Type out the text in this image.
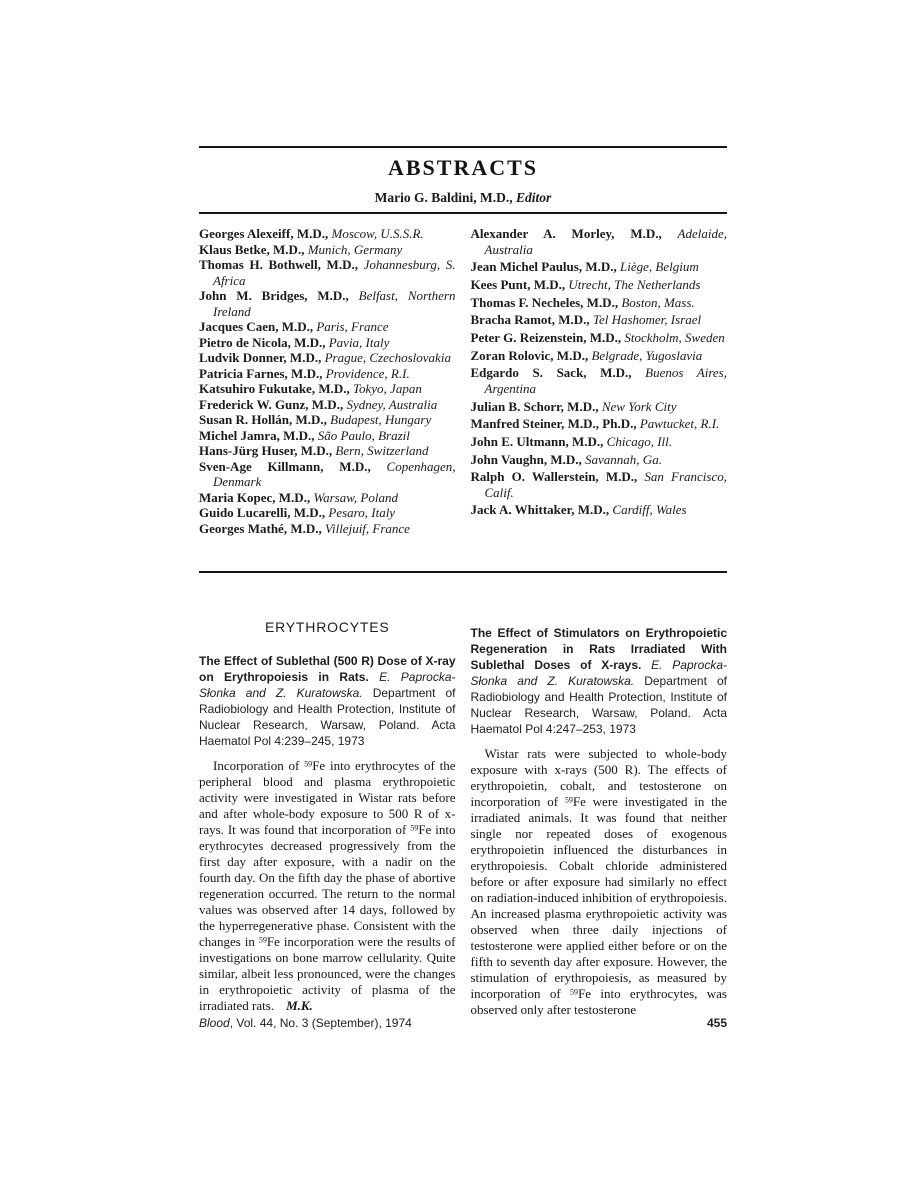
ABSTRACTS
Mario G. Baldini, M.D., Editor
Georges Alexeiff, M.D., Moscow, U.S.S.R.
Klaus Betke, M.D., Munich, Germany
Thomas H. Bothwell, M.D., Johannesburg, S. Africa
John M. Bridges, M.D., Belfast, Northern Ireland
Jacques Caen, M.D., Paris, France
Pietro de Nicola, M.D., Pavia, Italy
Ludvik Donner, M.D., Prague, Czechoslovakia
Patricia Farnes, M.D., Providence, R.I.
Katsuhiro Fukutake, M.D., Tokyo, Japan
Frederick W. Gunz, M.D., Sydney, Australia
Susan R. Hollán, M.D., Budapest, Hungary
Michel Jamra, M.D., São Paulo, Brazil
Hans-Jürg Huser, M.D., Bern, Switzerland
Sven-Age Killmann, M.D., Copenhagen, Denmark
Maria Kopec, M.D., Warsaw, Poland
Guido Lucarelli, M.D., Pesaro, Italy
Georges Mathé, M.D., Villejuif, France
Alexander A. Morley, M.D., Adelaide, Australia
Jean Michel Paulus, M.D., Liège, Belgium
Kees Punt, M.D., Utrecht, The Netherlands
Thomas F. Necheles, M.D., Boston, Mass.
Bracha Ramot, M.D., Tel Hashomer, Israel
Peter G. Reizenstein, M.D., Stockholm, Sweden
Zoran Rolovic, M.D., Belgrade, Yugoslavia
Edgardo S. Sack, M.D., Buenos Aires, Argentina
Julian B. Schorr, M.D., New York City
Manfred Steiner, M.D., Ph.D., Pawtucket, R.I.
John E. Ultmann, M.D., Chicago, Ill.
John Vaughn, M.D., Savannah, Ga.
Ralph O. Wallerstein, M.D., San Francisco, Calif.
Jack A. Whittaker, M.D., Cardiff, Wales
ERYTHROCYTES

The Effect of Sublethal (500 R) Dose of X-ray on Erythropoiesis in Rats. E. Paprocka-Słonka and Z. Kuratowska. Department of Radiobiology and Health Protection, Institute of Nuclear Research, Warsaw, Poland. Acta Haematol Pol 4:239–245, 1973

Incorporation of $^{59}$Fe into erythrocytes of the peripheral blood and plasma erythropoietic activity were investigated in Wistar rats before and after whole-body exposure to 500 R of x-rays. It was found that incorporation of $^{59}$Fe into erythrocytes decreased progressively from the first day after exposure, with a nadir on the fourth day. On the fifth day the phase of abortive regeneration occurred. The return to the normal values was observed after 14 days, followed by the hyperregenerative phase. Consistent with the changes in $^{59}$Fe incorporation were the results of investigations on bone marrow cellularity. Quite similar, albeit less pronounced, were the changes in erythropoietic activity of plasma of the irradiated rats. M.K.

The Effect of Stimulators on Erythropoietic Regeneration in Rats Irradiated With Sublethal Doses of X-rays. E. Paprocka-Słonka and Z. Kuratowska. Department of Radiobiology and Health Protection, Institute of Nuclear Research, Warsaw, Poland. Acta Haematol Pol 4:247–253, 1973

Wistar rats were subjected to whole-body exposure with x-rays (500 R). The effects of erythropoietin, cobalt, and testosterone on incorporation of $^{59}$Fe were investigated in the irradiated animals. It was found that neither single nor repeated doses of exogenous erythropoietin influenced the disturbances in erythropoiesis. Cobalt chloride administered before or after exposure had similarly no effect on radiation-induced inhibition of erythropoiesis. An increased plasma erythropoietic activity was observed when three daily injections of testosterone were applied either before or on the fifth to seventh day after exposure. However, the stimulation of erythropoiesis, as measured by incorporation of $^{59}$Fe into erythrocytes, was observed only after testosterone

Blood, Vol. 44, No. 3 (September), 1974	455
